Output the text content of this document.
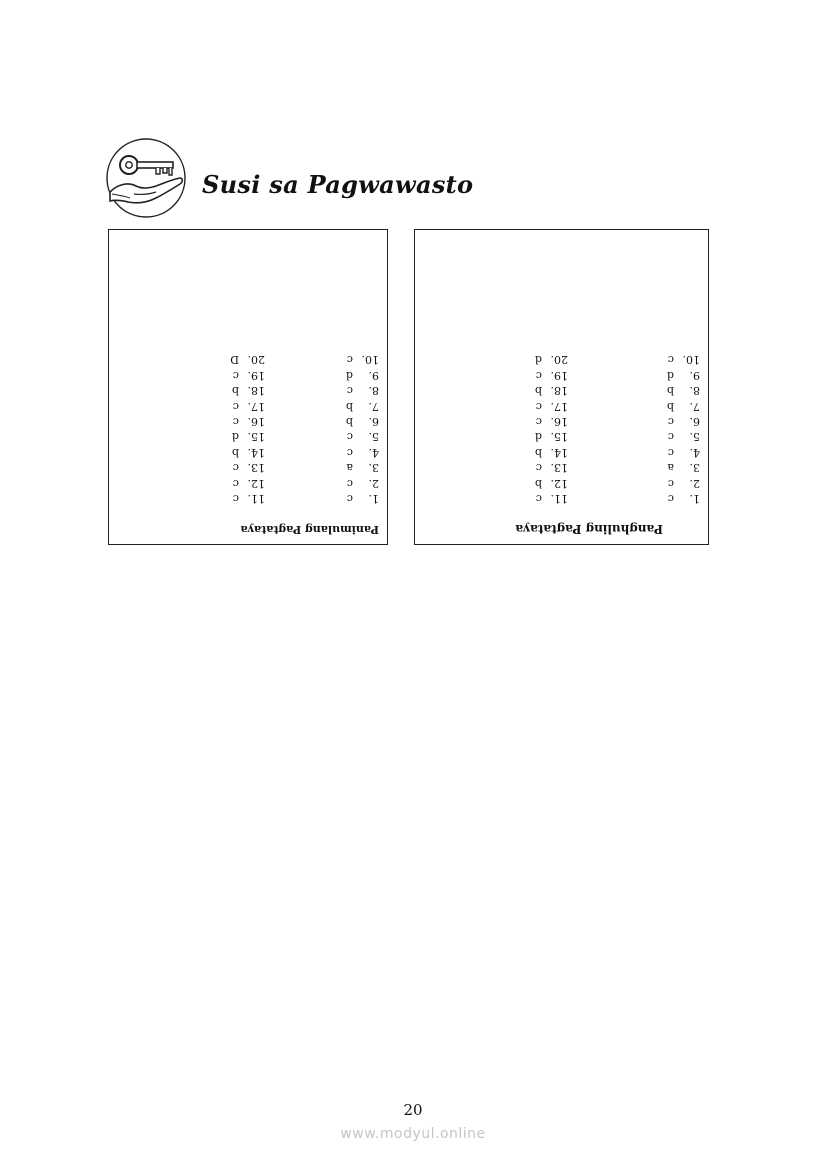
Susi sa Pagwawasto
Panimulang Pagtataya
1.
c
2.
c
3.
a
4.
c
5.
c
6.
b
7.
b
8.
c
9.
d
10.
c
11.
c
12.
c
13.
c
14.
b
15.
d
16.
c
17.
c
18.
b
19.
c
20.
D
Panghuling Pagtataya
1.
c
2.
c
3.
a
4.
c
5.
c
6.
c
7.
b
8.
b
9.
d
10.
c
11.
c
12.
b
13.
c
14.
b
15.
d
16.
c
17.
c
18.
b
19.
c
20.
d
20
www.modyul.online
